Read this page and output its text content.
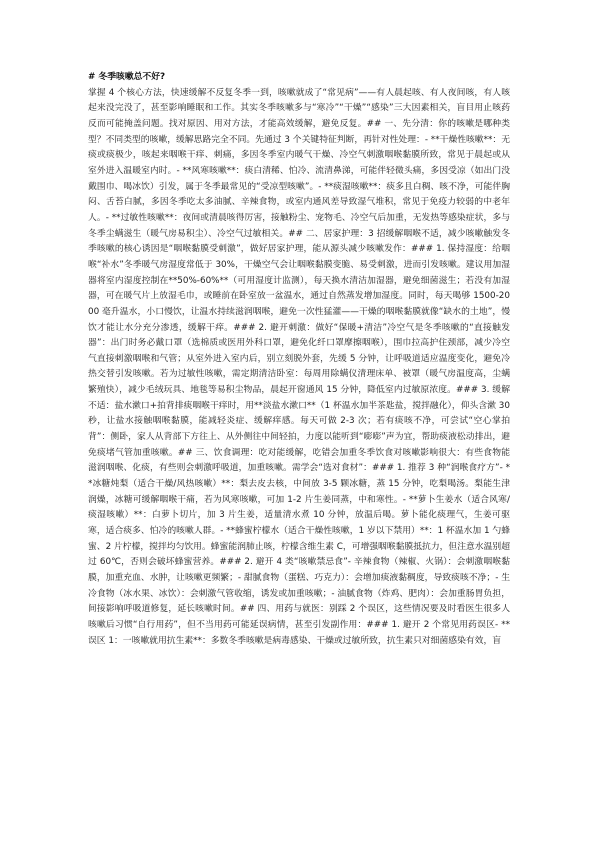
# 冬季咳嗽总不好?

掌握 4 个核心方法，快速缓解不反复冬季一到，咳嗽就成了“常见病”——有人晨起咳、有人夜间咳，有人咳起来没完没了，甚至影响睡眠和工作。其实冬季咳嗽多与“寒冷”“干燥”“感染”三大因素相关，盲目用止咳药反而可能掩盖问题。找对原因、用对方法，才能高效缓解，避免反复。## 一、先分清：你的咳嗽是哪种类型？不同类型的咳嗽，缓解思路完全不同。先通过 3 个关键特征判断，再针对性处理：- **干燥性咳嗽**：无痰或痰极少，咳起来咽喉干痒、刺痛，多因冬季室内暖气干燥、冷空气刺激咽喉黏膜所致，常见于晨起或从室外进入温暖室内时。- **风寒咳嗽**：痰白清稀、怕冷、流清鼻涕，可能伴轻微头痛，多因受凉（如出门没戴围巾、喝冰饮）引发，属于冬季最常见的“受凉型咳嗽”。- **痰湿咳嗽**：痰多且白稠、咳不净，可能伴胸闷、舌苔白腻，多因冬季吃太多油腻、辛辣食物，或室内通风差导致湿气堆积，常见于免疫力较弱的中老年人。- **过敏性咳嗽**：夜间或清晨咳得厉害，接触粉尘、宠物毛、冷空气后加重，无发热等感染症状，多与冬季尘螨滋生（暖气房易积尘）、冷空气过敏相关。## 二、居家护理：3 招缓解咽喉不适，减少咳嗽触发冬季咳嗽的核心诱因是“咽喉黏膜受刺激”，做好居家护理，能从源头减少咳嗽发作：### 1. 保持湿度：给咽喉“补水”冬季暖气房湿度常低于 30%，干燥空气会让咽喉黏膜变脆、易受刺激，进而引发咳嗽。建议用加湿器将室内湿度控制在**50%-60%**（可用湿度计监测），每天换水清洁加湿器，避免细菌滋生；若没有加湿器，可在暖气片上放湿毛巾，或睡前在卧室放一盆温水，通过自然蒸发增加湿度。同时，每天喝够 1500-2000 毫升温水，小口慢饮，让温水持续滋润咽喉，避免一次性猛灌——干燥的咽喉黏膜就像“缺水的土地”，慢饮才能让水分充分渗透，缓解干痒。### 2. 避开刺激：做好“保暖+清洁”冷空气是冬季咳嗽的“直接触发器”：出门时务必戴口罩（选棉质或医用外科口罩，避免化纤口罩摩擦咽喉），围巾拉高护住颈部，减少冷空气直接刺激咽喉和气管；从室外进入室内后，别立刻脱外套，先缓 5 分钟，让呼吸道适应温度变化，避免冷热交替引发咳嗽。若为过敏性咳嗽，需定期清洁卧室：每周用除螨仪清理床单、被罩（暖气房温度高，尘螨繁殖快），减少毛绒玩具、地毯等易积尘物品，晨起开窗通风 15 分钟，降低室内过敏原浓度。### 3. 缓解不适：盐水漱口+拍背排痰咽喉干痒时，用**淡盐水漱口**（1 杯温水加半茶匙盐，搅拌融化），仰头含漱 30 秒，让盐水接触咽喉黏膜，能减轻炎症、缓解痒感。每天可做 2-3 次；若有痰咳不净，可尝试“空心掌拍背”：侧卧，家人从背部下方往上、从外侧往中间轻拍，力度以能听到“嘭嘭”声为宜，帮助痰液松动排出，避免痰堵气管加重咳嗽。## 三、饮食调理：吃对能缓解，吃错会加重冬季饮食对咳嗽影响很大：有些食物能滋润咽喉、化痰，有些则会刺激呼吸道，加重咳嗽。需学会“选对食材”：### 1. 推荐 3 种“润喉食疗方”- **冰糖炖梨（适合干燥/风热咳嗽）**：梨去皮去核，中间放 3-5 颗冰糖，蒸 15 分钟，吃梨喝汤。梨能生津润燥，冰糖可缓解咽喉干痛，若为风寒咳嗽，可加 1-2 片生姜同蒸，中和寒性。- **萝卜生姜水（适合风寒/痰湿咳嗽）**：白萝卜切片，加 3 片生姜，适量清水煮 10 分钟，放温后喝。萝卜能化痰理气，生姜可驱寒，适合痰多、怕冷的咳嗽人群。- **蜂蜜柠檬水（适合干燥性咳嗽，1 岁以下禁用）**：1 杯温水加 1 勺蜂蜜、2 片柠檬，搅拌均匀饮用。蜂蜜能润肺止咳，柠檬含维生素 C，可增强咽喉黏膜抵抗力，但注意水温别超过 60℃，否则会破坏蜂蜜营养。### 2. 避开 4 类“咳嗽禁忌食”- 辛辣食物（辣椒、火锅）：会刺激咽喉黏膜，加重充血、水肿，让咳嗽更频繁；- 甜腻食物（蛋糕、巧克力）：会增加痰液黏稠度，导致痰咳不净；- 生冷食物（冰水果、冰饮）：会刺激气管收缩，诱发或加重咳嗽；- 油腻食物（炸鸡、肥肉）：会加重肠胃负担，间接影响呼吸道修复，延长咳嗽时间。## 四、用药与就医：别踩 2 个误区，这些情况要及时看医生很多人咳嗽后习惯“自行用药”，但不当用药可能延误病情，甚至引发副作用：### 1. 避开 2 个常见用药误区- **误区 1：一咳嗽就用抗生素**：多数冬季咳嗽是病毒感染、干燥或过敏所致，抗生素只对细菌感染有效，盲
